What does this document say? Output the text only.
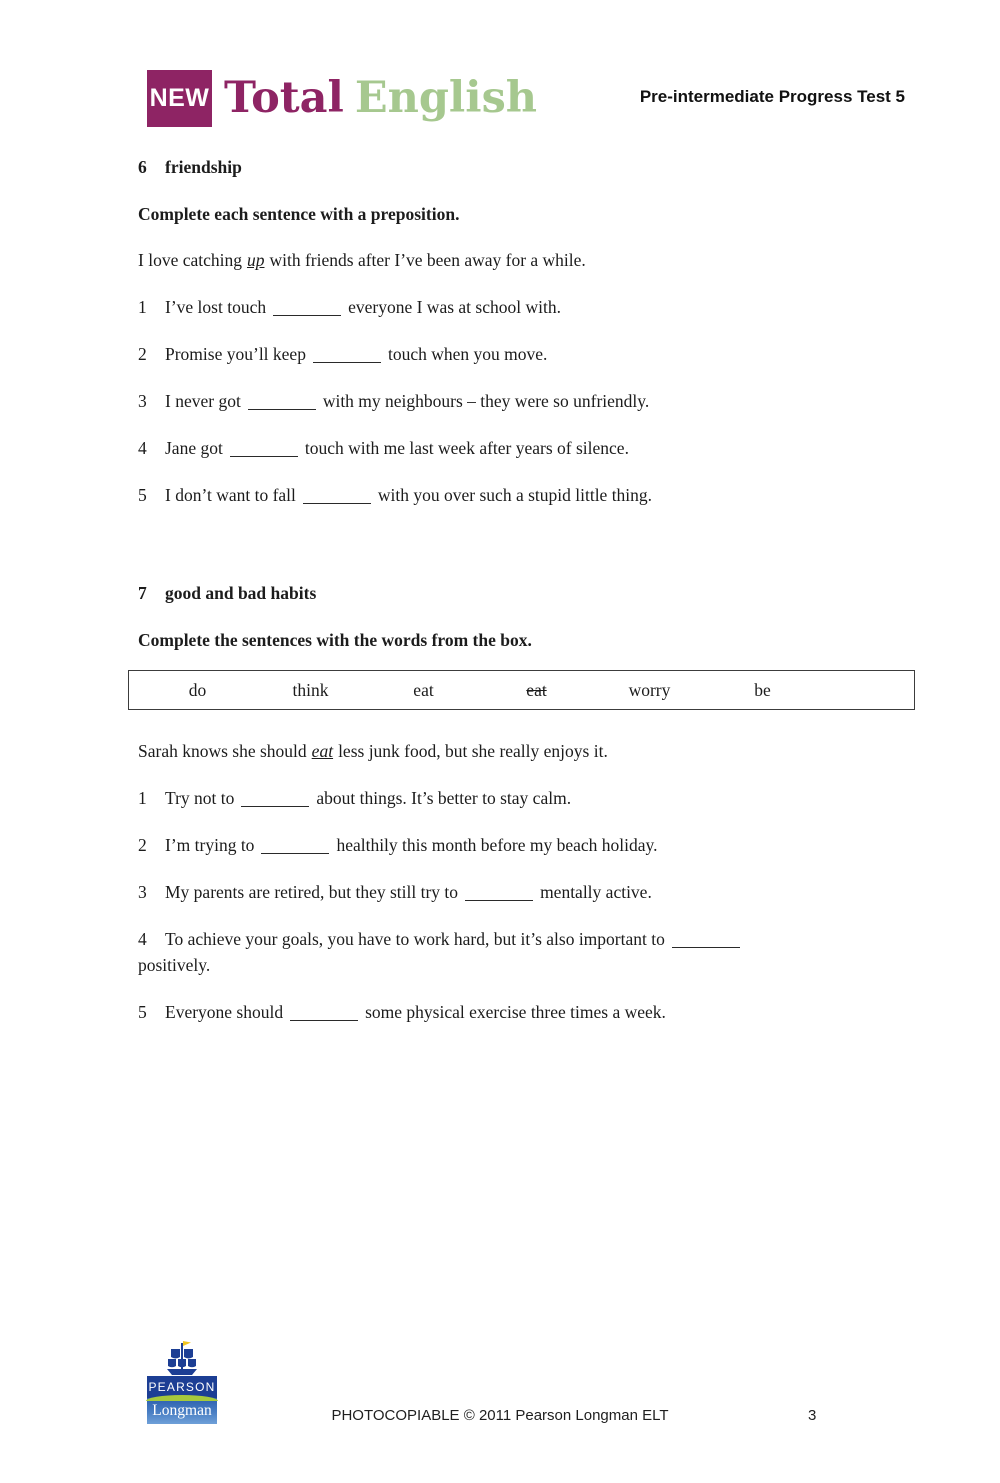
NEW Total English	Pre-intermediate Progress Test 5
6 friendship

Complete each sentence with a preposition.

I love catching up with friends after I’ve been away for a while.

1 I’ve lost touch	everyone I was at school with.

2 Promise you’ll keep	touch when you move.

3 I never got	with my neighbours – they were so unfriendly.

4 Jane got	touch with me last week after years of silence.

5 I don’t want to fall	with you over such a stupid little thing.

7 good and bad habits

Complete the sentences with the words from the box.

do	think	eat	eat	worry	be

Sarah knows she should eat less junk food, but she really enjoys it.

1 Try not to	about things. It’s better to stay calm.

2 I’m trying to	healthily this month before my beach holiday.

3 My parents are retired, but they still try to	mentally active.

4 To achieve your goals, you have to work hard, but it’s also important to
positively.

5 Everyone should	some physical exercise three times a week.

PEARSON
Longman	PHOTOCOPIABLE © 2011 Pearson Longman ELT	3
